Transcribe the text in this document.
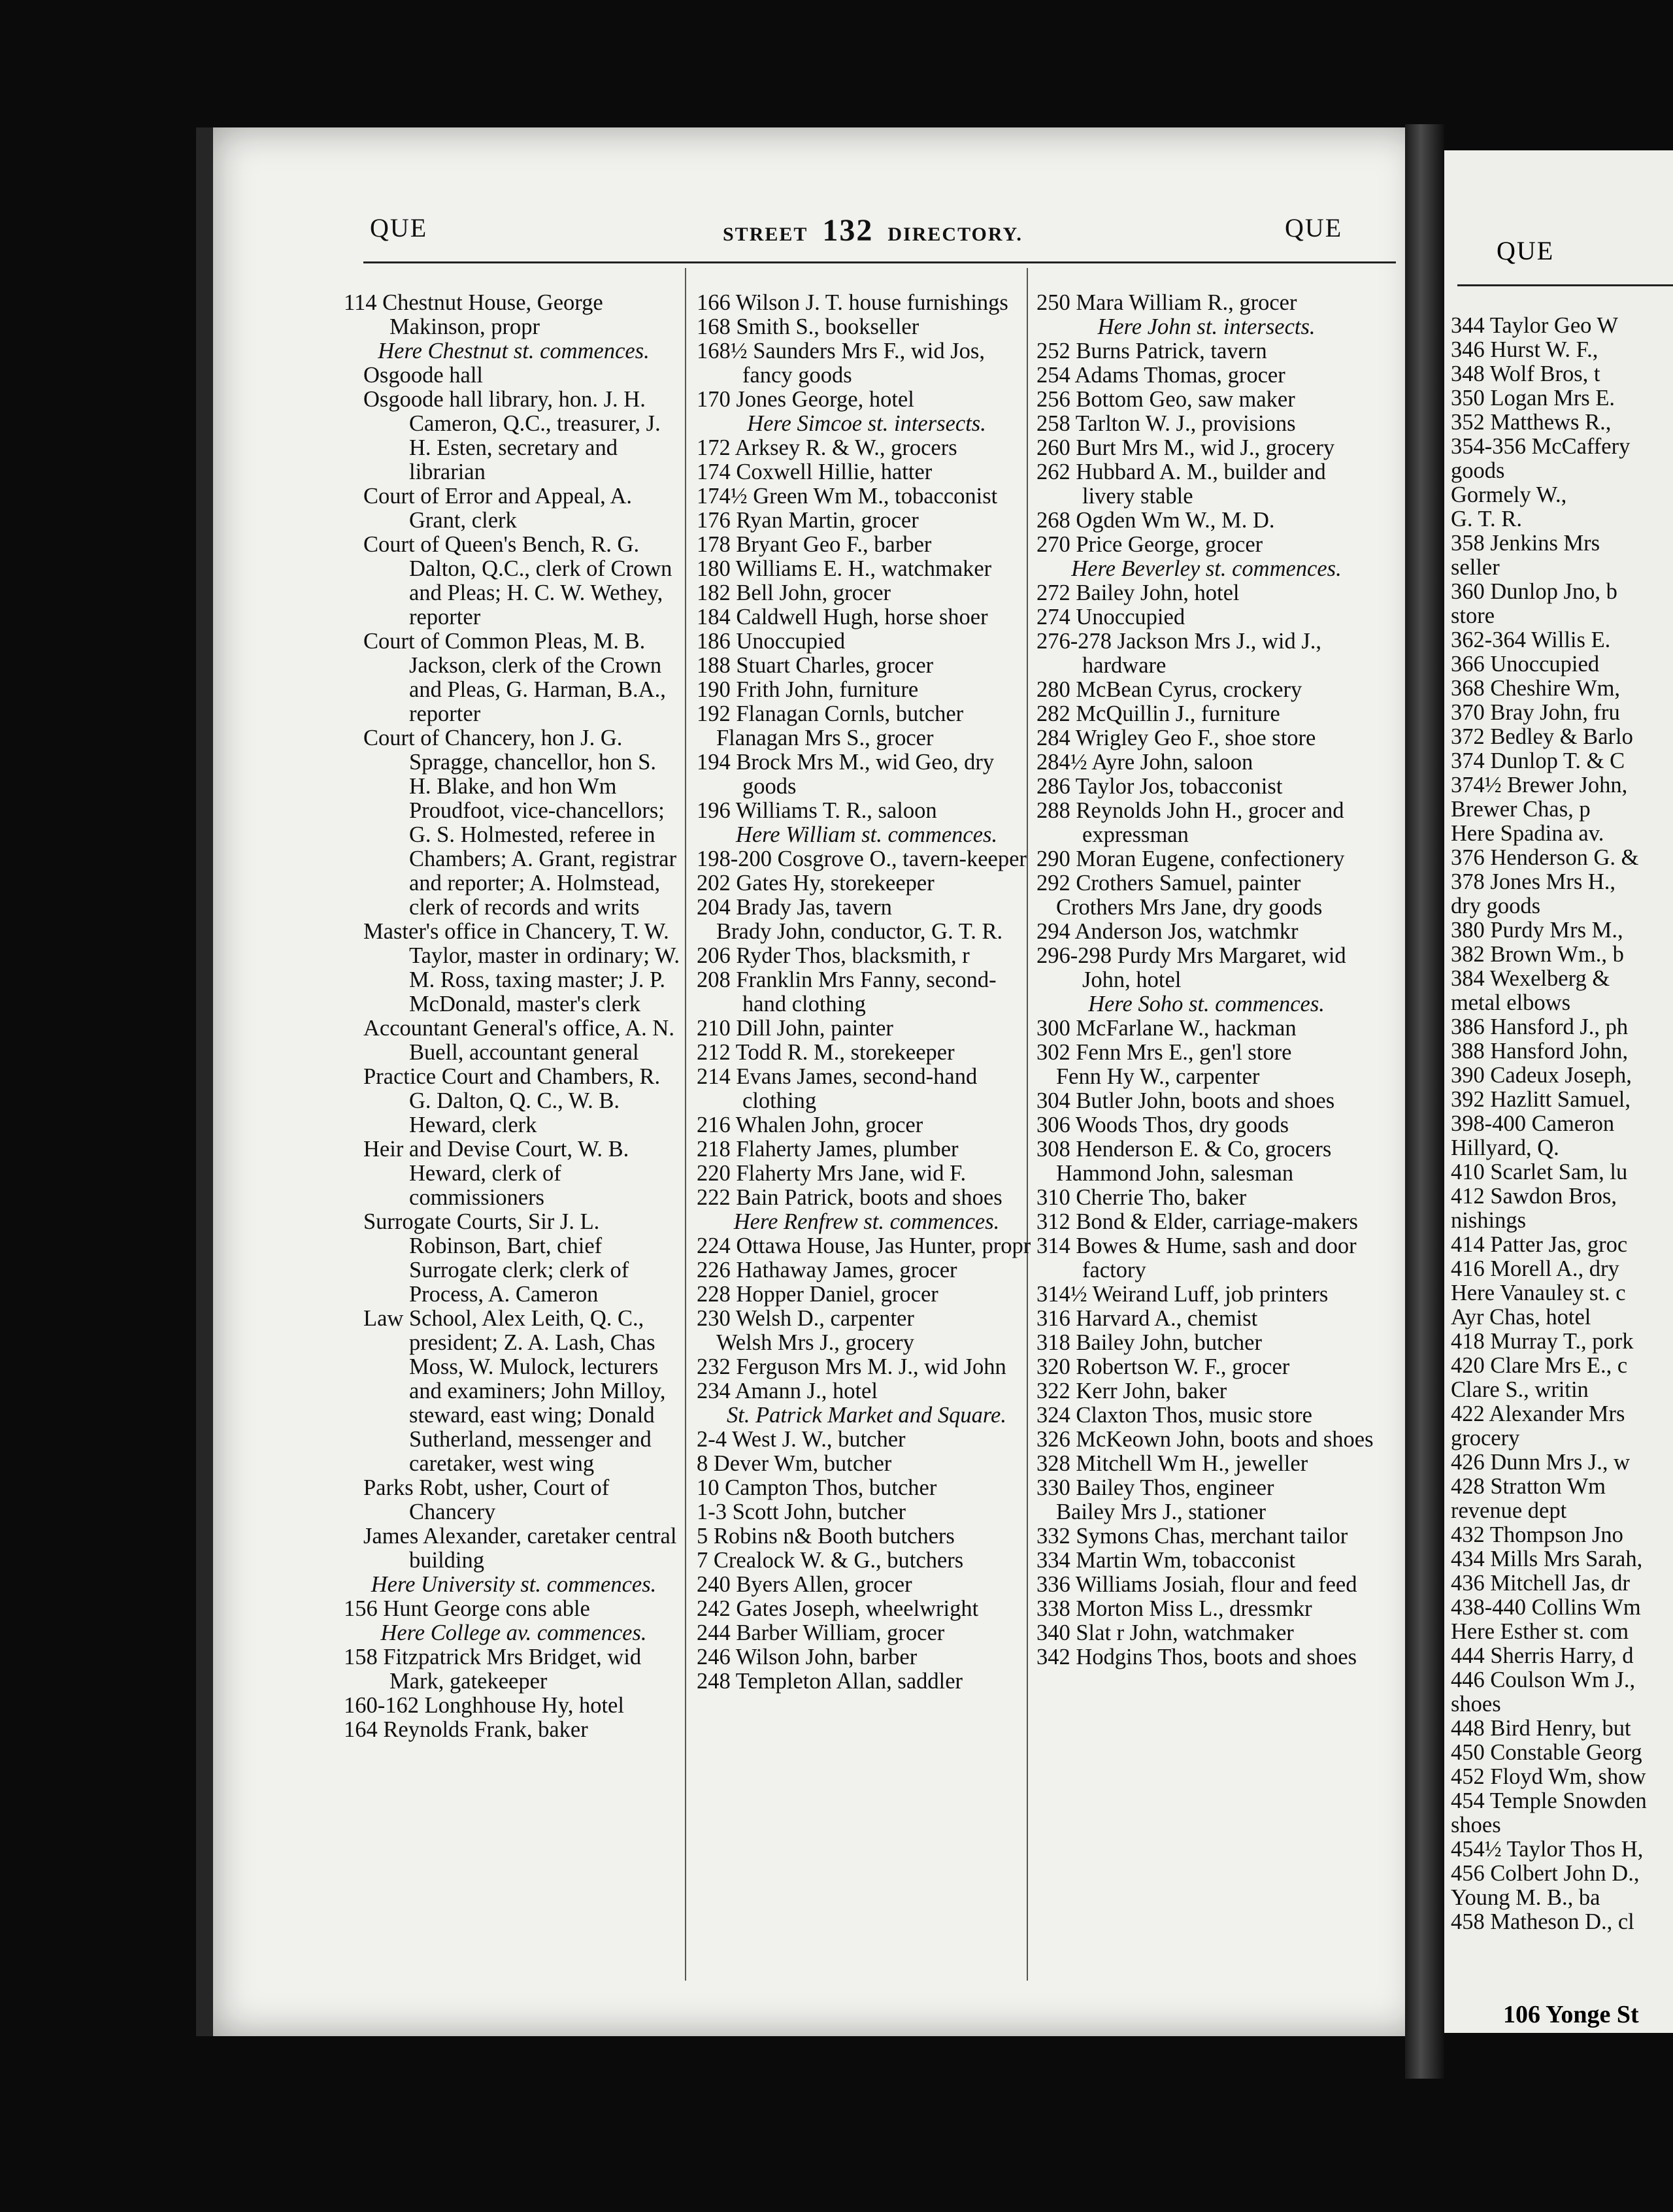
QUE	STREET 132 DIRECTORY.	QUE
114 Chestnut House, George Makinson, propr
Here Chestnut st. commences.
Osgoode hall
Osgoode hall library, hon. J. H. Cameron, Q.C., treasurer, J. H. Esten, secretary and librarian
Court of Error and Appeal, A. Grant, clerk
Court of Queen's Bench, R. G. Dalton, Q.C., clerk of Crown and Pleas; H. C. W. Wethey, reporter
Court of Common Pleas, M. B. Jackson, clerk of the Crown and Pleas, G. Harman, B.A., reporter
Court of Chancery, hon J. G. Spragge, chancellor, hon S. H. Blake, and hon Wm Proudfoot, vice-chancellors; G. S. Holmested, referee in Chambers; A. Grant, registrar and reporter; A. Holmstead, clerk of records and writs
Master's office in Chancery, T. W. Taylor, master in ordinary; W. M. Ross, taxing master; J. P. McDonald, master's clerk
Accountant General's office, A. N. Buell, accountant general
Practice Court and Chambers, R. G. Dalton, Q. C., W. B. Heward, clerk
Heir and Devise Court, W. B. Heward, clerk of commissioners
Surrogate Courts, Sir J. L. Robinson, Bart, chief Surrogate clerk; clerk of Process, A. Cameron
Law School, Alex Leith, Q. C., president; Z. A. Lash, Chas Moss, W. Mulock, lecturers and examiners; John Milloy, steward, east wing; Donald Sutherland, messenger and caretaker, west wing
Parks Robt, usher, Court of Chancery
James Alexander, caretaker central building
Here University st. commences.
156 Hunt George cons able
Here College av. commences.
158 Fitzpatrick Mrs Bridget, wid Mark, gatekeeper
160-162 Longhhouse Hy, hotel
164 Reynolds Frank, baker
166 Wilson J. T. house furnishings
168 Smith S., bookseller
168½ Saunders Mrs F., wid Jos, fancy goods
170 Jones George, hotel
Here Simcoe st. intersects.
172 Arksey R. & W., grocers
174 Coxwell Hillie, hatter
174½ Green Wm M., tobacconist
176 Ryan Martin, grocer
178 Bryant Geo F., barber
180 Williams E. H., watchmaker
182 Bell John, grocer
184 Caldwell Hugh, horse shoer
186 Unoccupied
188 Stuart Charles, grocer
190 Frith John, furniture
192 Flanagan Cornls, butcher
Flanagan Mrs S., grocer
194 Brock Mrs M., wid Geo, dry goods
196 Williams T. R., saloon
Here William st. commences.
198-200 Cosgrove O., tavern-keeper
202 Gates Hy, storekeeper
204 Brady Jas, tavern
Brady John, conductor, G. T. R.
206 Ryder Thos, blacksmith, r
208 Franklin Mrs Fanny, second-hand clothing
210 Dill John, painter
212 Todd R. M., storekeeper
214 Evans James, second-hand clothing
216 Whalen John, grocer
218 Flaherty James, plumber
220 Flaherty Mrs Jane, wid F.
222 Bain Patrick, boots and shoes
Here Renfrew st. commences.
224 Ottawa House, Jas Hunter, propr
226 Hathaway James, grocer
228 Hopper Daniel, grocer
230 Welsh D., carpenter
Welsh Mrs J., grocery
232 Ferguson Mrs M. J., wid John
234 Amann J., hotel
St. Patrick Market and Square.
2-4 West J. W., butcher
8 Dever Wm, butcher
10 Campton Thos, butcher
1-3 Scott John, butcher
5 Robins n& Booth butchers
7 Crealock W. & G., butchers
240 Byers Allen, grocer
242 Gates Joseph, wheelwright
244 Barber William, grocer
246 Wilson John, barber
248 Templeton Allan, saddler
250 Mara William R., grocer
Here John st. intersects.
252 Burns Patrick, tavern
254 Adams Thomas, grocer
256 Bottom Geo, saw maker
258 Tarlton W. J., provisions
260 Burt Mrs M., wid J., grocery
262 Hubbard A. M., builder and livery stable
268 Ogden Wm W., M. D.
270 Price George, grocer
Here Beverley st. commences.
272 Bailey John, hotel
274 Unoccupied
276-278 Jackson Mrs J., wid J., hardware
280 McBean Cyrus, crockery
282 McQuillin J., furniture
284 Wrigley Geo F., shoe store
284½ Ayre John, saloon
286 Taylor Jos, tobacconist
288 Reynolds John H., grocer and expressman
290 Moran Eugene, confectionery
292 Crothers Samuel, painter
Crothers Mrs Jane, dry goods
294 Anderson Jos, watchmkr
296-298 Purdy Mrs Margaret, wid John, hotel
Here Soho st. commences.
300 McFarlane W., hackman
302 Fenn Mrs E., gen'l store
Fenn Hy W., carpenter
304 Butler John, boots and shoes
306 Woods Thos, dry goods
308 Henderson E. & Co, grocers
Hammond John, salesman
310 Cherrie Tho, baker
312 Bond & Elder, carriage-makers
314 Bowes & Hume, sash and door factory
314½ Weirand Luff, job printers
316 Harvard A., chemist
318 Bailey John, butcher
320 Robertson W. F., grocer
322 Kerr John, baker
324 Claxton Thos, music store
326 McKeown John, boots and shoes
328 Mitchell Wm H., jeweller
330 Bailey Thos, engineer
Bailey Mrs J., stationer
332 Symons Chas, merchant tailor
334 Martin Wm, tobacconist
336 Williams Josiah, flour and feed
338 Morton Miss L., dressmkr
340 Slat r John, watchmaker
342 Hodgins Thos, boots and shoes
QUE
344 Taylor Geo W
346 Hurst W. F.,
348 Wolf Bros, t
350 Logan Mrs E.
352 Matthews R.,
354-356 McCaffery
goods
Gormely W.,
G. T. R.
358 Jenkins Mrs
seller
360 Dunlop Jno, b
store
362-364 Willis E.
366 Unoccupied
368 Cheshire Wm,
370 Bray John, fru
372 Bedley & Barlo
374 Dunlop T. & C
374½ Brewer John,
Brewer Chas, p
Here Spadina av.
376 Henderson G. &
378 Jones Mrs H.,
dry goods
380 Purdy Mrs M.,
382 Brown Wm., b
384 Wexelberg &
metal elbows
386 Hansford J., ph
388 Hansford John,
390 Cadeux Joseph,
392 Hazlitt Samuel,
398-400 Cameron
Hillyard, Q.
410 Scarlet Sam, lu
412 Sawdon Bros,
nishings
414 Patter Jas, groc
416 Morell A., dry
Here Vanauley st. c
Ayr Chas, hotel
418 Murray T., pork
420 Clare Mrs E., c
Clare S., writin
422 Alexander Mrs
grocery
426 Dunn Mrs J., w
428 Stratton Wm
revenue dept
432 Thompson Jno
434 Mills Mrs Sarah,
436 Mitchell Jas, dr
438-440 Collins Wm
Here Esther st. com
444 Sherris Harry, d
446 Coulson Wm J.,
shoes
448 Bird Henry, but
450 Constable Georg
452 Floyd Wm, show
454 Temple Snowden
shoes
454½ Taylor Thos H,
456 Colbert John D.,
Young M. B., ba
458 Matheson D., cl
106 Yonge St
